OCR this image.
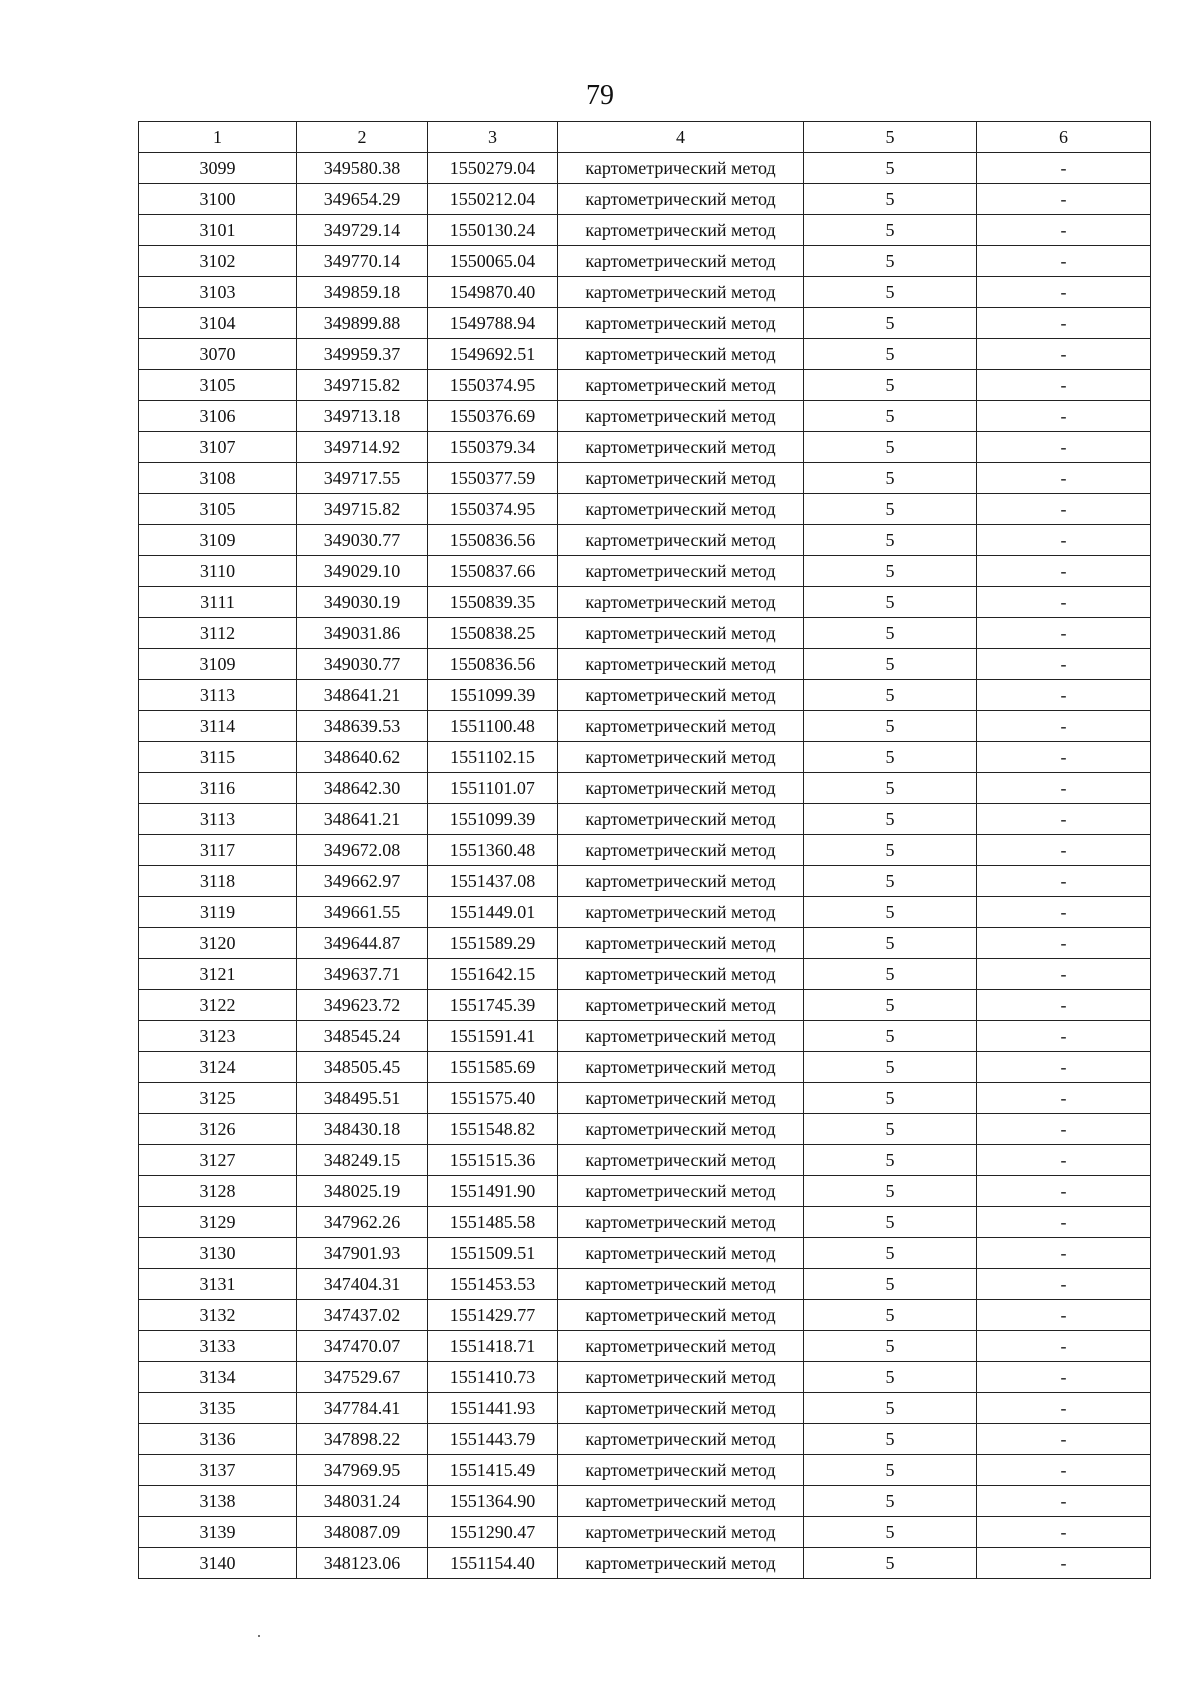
79
1	2	3	4	5	6
3099	349580.38	1550279.04	картометрический метод	5	-
3100	349654.29	1550212.04	картометрический метод	5	-
3101	349729.14	1550130.24	картометрический метод	5	-
3102	349770.14	1550065.04	картометрический метод	5	-
3103	349859.18	1549870.40	картометрический метод	5	-
3104	349899.88	1549788.94	картометрический метод	5	-
3070	349959.37	1549692.51	картометрический метод	5	-
3105	349715.82	1550374.95	картометрический метод	5	-
3106	349713.18	1550376.69	картометрический метод	5	-
3107	349714.92	1550379.34	картометрический метод	5	-
3108	349717.55	1550377.59	картометрический метод	5	-
3105	349715.82	1550374.95	картометрический метод	5	-
3109	349030.77	1550836.56	картометрический метод	5	-
3110	349029.10	1550837.66	картометрический метод	5	-
3111	349030.19	1550839.35	картометрический метод	5	-
3112	349031.86	1550838.25	картометрический метод	5	-
3109	349030.77	1550836.56	картометрический метод	5	-
3113	348641.21	1551099.39	картометрический метод	5	-
3114	348639.53	1551100.48	картометрический метод	5	-
3115	348640.62	1551102.15	картометрический метод	5	-
3116	348642.30	1551101.07	картометрический метод	5	-
3113	348641.21	1551099.39	картометрический метод	5	-
3117	349672.08	1551360.48	картометрический метод	5	-
3118	349662.97	1551437.08	картометрический метод	5	-
3119	349661.55	1551449.01	картометрический метод	5	-
3120	349644.87	1551589.29	картометрический метод	5	-
3121	349637.71	1551642.15	картометрический метод	5	-
3122	349623.72	1551745.39	картометрический метод	5	-
3123	348545.24	1551591.41	картометрический метод	5	-
3124	348505.45	1551585.69	картометрический метод	5	-
3125	348495.51	1551575.40	картометрический метод	5	-
3126	348430.18	1551548.82	картометрический метод	5	-
3127	348249.15	1551515.36	картометрический метод	5	-
3128	348025.19	1551491.90	картометрический метод	5	-
3129	347962.26	1551485.58	картометрический метод	5	-
3130	347901.93	1551509.51	картометрический метод	5	-
3131	347404.31	1551453.53	картометрический метод	5	-
3132	347437.02	1551429.77	картометрический метод	5	-
3133	347470.07	1551418.71	картометрический метод	5	-
3134	347529.67	1551410.73	картометрический метод	5	-
3135	347784.41	1551441.93	картометрический метод	5	-
3136	347898.22	1551443.79	картометрический метод	5	-
3137	347969.95	1551415.49	картометрический метод	5	-
3138	348031.24	1551364.90	картометрический метод	5	-
3139	348087.09	1551290.47	картометрический метод	5	-
3140	348123.06	1551154.40	картометрический метод	5	-
